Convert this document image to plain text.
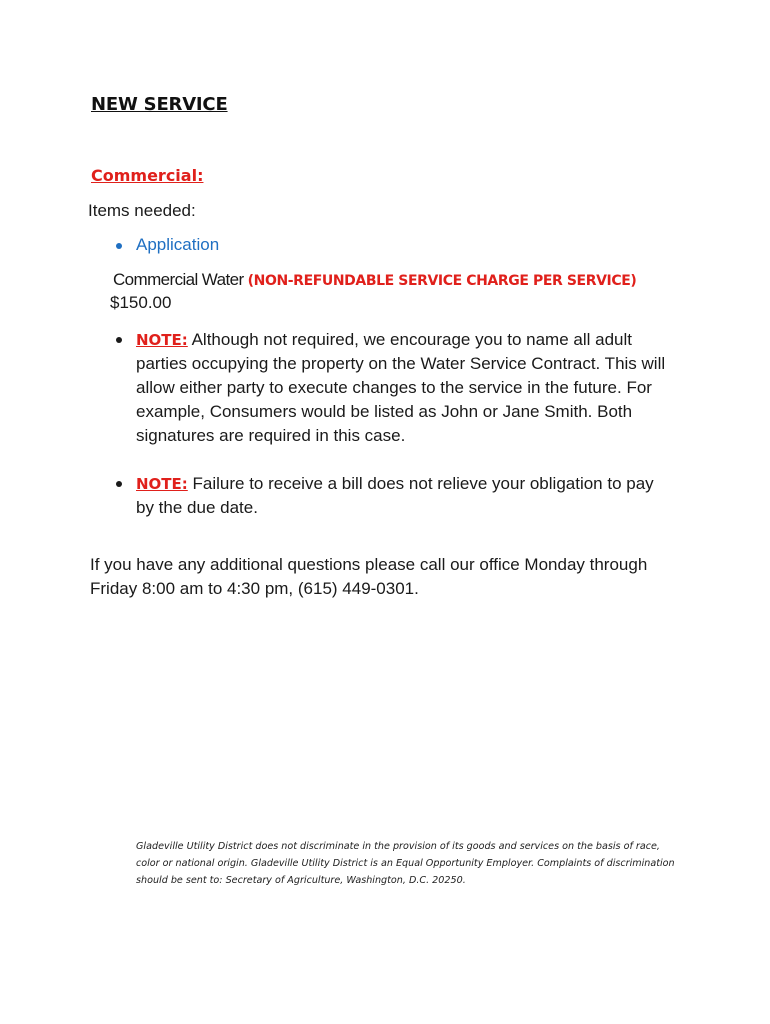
NEW SERVICE
Commercial:
Items needed:
Application
Commercial Water (NON-REFUNDABLE SERVICE CHARGE PER SERVICE)
$150.00
NOTE: Although not required, we encourage you to name all adult parties occupying the property on the Water Service Contract. This will allow either party to execute changes to the service in the future. For example, Consumers would be listed as John or Jane Smith. Both signatures are required in this case.
NOTE: Failure to receive a bill does not relieve your obligation to pay by the due date.
If you have any additional questions please call our office Monday through Friday 8:00 am to 4:30 pm, (615) 449-0301.
Gladeville Utility District does not discriminate in the provision of its goods and services on the basis of race, color or national origin. Gladeville Utility District is an Equal Opportunity Employer. Complaints of discrimination should be sent to: Secretary of Agriculture, Washington, D.C. 20250.
